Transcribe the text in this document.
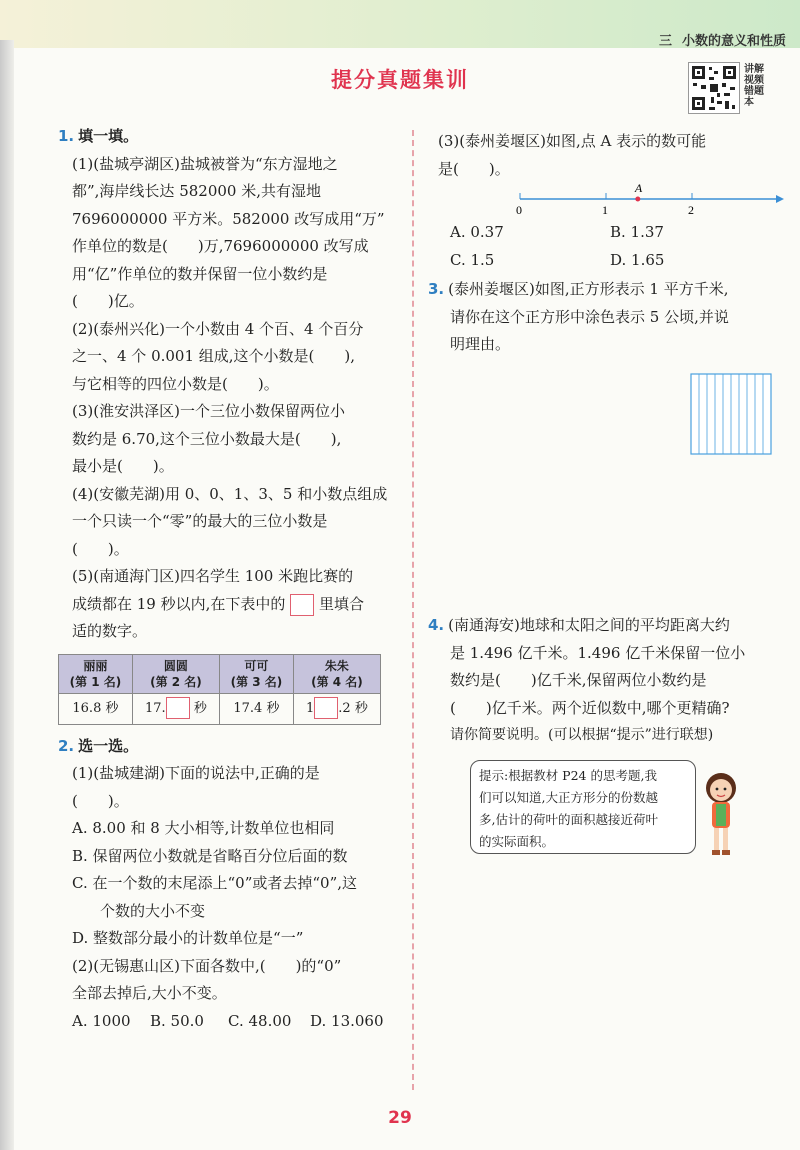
三 小数的意义和性质
提分真题集训	讲解视频 错题本

1. 填一填。

(1)(盐城亭湖区)盐城被誉为“东方湿地之

都”,海岸线长达 582000 米,共有湿地

7696000000 平方米。582000 改写成用“万”

作单位的数是(　　)万,7696000000 改写成

用“亿”作单位的数并保留一位小数约是

(　　)亿。

(2)(泰州兴化)一个小数由 4 个百、4 个百分

之一、4 个 0.001 组成,这个小数是(　　),

与它相等的四位小数是(　　)。

(3)(淮安洪泽区)一个三位小数保留两位小

数约是 6.70,这个三位小数最大是(　　),

最小是(　　)。

(4)(安徽芜湖)用 0、0、1、3、5 和小数点组成

一个只读一个“零”的最大的三位小数是

(　　)。

(5)(南通海门区)四名学生 100 米跑比赛的

成绩都在 19 秒以内,在下表中的 里填合

适的数字。

丽丽
(第 1 名)	圆圆
(第 2 名)	可可
(第 3 名)	朱朱
(第 4 名)
16.8 秒	17. 秒	17.4 秒	1 .2 秒

2. 选一选。

(1)(盐城建湖)下面的说法中,正确的是

(　　)。

A. 8.00 和 8 大小相等,计数单位也相同

B. 保留两位小数就是省略百分位后面的数

C. 在一个数的末尾添上“0”或者去掉“0”,这

个数的大小不变

D. 整数部分最小的计数单位是“一”

(2)(无锡惠山区)下面各数中,(　　)的“0”

全部去掉后,大小不变。

A. 1000 B. 50.0 C. 48.00 D. 13.060

(3)(泰州姜堰区)如图,点 A 表示的数可能

是(　　)。

A
0	1	2

A. 0.37	B. 1.37

C. 1.5	D. 1.65

3. (泰州姜堰区)如图,正方形表示 1 平方千米,

请你在这个正方形中涂色表示 5 公顷,并说

明理由。

4. (南通海安)地球和太阳之间的平均距离大约

是 1.496 亿千米。1.496 亿千米保留一位小

数约是(　　)亿千米,保留两位小数约是

(　　)亿千米。两个近似数中,哪个更精确?

请你简要说明。(可以根据“提示”进行联想)

提示:根据教材 P24 的思考题,我
们可以知道,大正方形分的份数越
多,估计的荷叶的面积越接近荷叶
的实际面积。
29
